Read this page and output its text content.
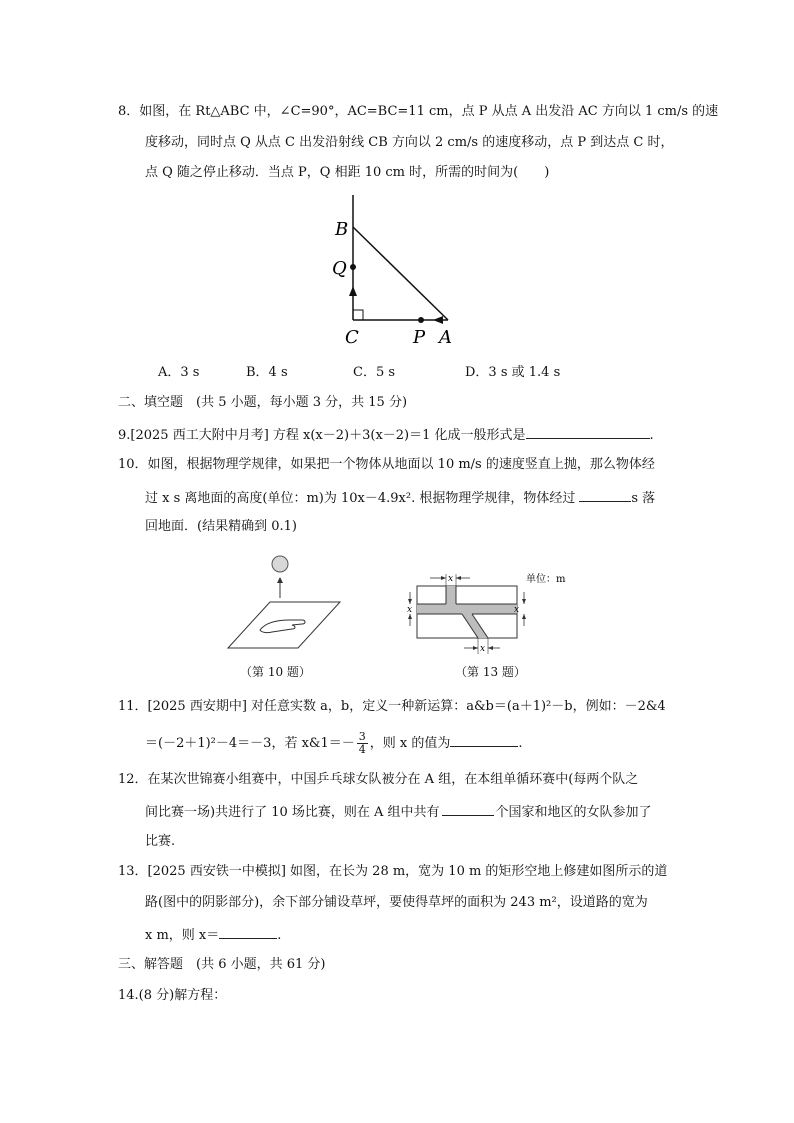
8．如图，在 Rt△ABC 中，∠C=90°，AC=BC=11 cm，点 P 从点 A 出发沿 AC 方向以 1 cm/s 的速
度移动，同时点 Q 从点 C 出发沿射线 CB 方向以 2 cm/s 的速度移动，点 P 到达点 C 时，
点 Q 随之停止移动．当点 P，Q 相距 10 cm 时，所需的时间为(　　)
B
Q
C	P A
A．3 s	B．4 s	C．5 s	D．3 s 或 1.4 s
二、填空题　(共 5 小题，每小题 3 分，共 15 分)
9.[2025 西工大附中月考] 方程 x(x－2)＋3(x－2)＝1 化成一般形式是	.
10．如图，根据物理学规律，如果把一个物体从地面以 10 m/s 的速度竖直上抛，那么物体经
过 x s 离地面的高度(单位：m)为 10x－4.9x². 根据物理学规律，物体经过	s 落
回地面．(结果精确到 0.1)
（第 10 题）
x
x	x
x
单位：m
（第 13 题）
11．[2025 西安期中] 对任意实数 a，b，定义一种新运算：a&b＝(a＋1)²－b，例如：－2&4
＝(－2＋1)²－4＝－3，若 x&1＝－ $\frac{3}{4}$ ，则 x 的值为	.
12．在某次世锦赛小组赛中，中国乒乓球女队被分在 A 组，在本组单循环赛中(每两个队之
间比赛一场)共进行了 10 场比赛，则在 A 组中共有	个国家和地区的女队参加了
比赛.
13．[2025 西安铁一中模拟] 如图，在长为 28 m，宽为 10 m 的矩形空地上修建如图所示的道
路(图中的阴影部分)，余下部分铺设草坪，要使得草坪的面积为 243 m²，设道路的宽为
x m，则 x＝	.
三、解答题　(共 6 小题，共 61 分)
14.(8 分)解方程：
